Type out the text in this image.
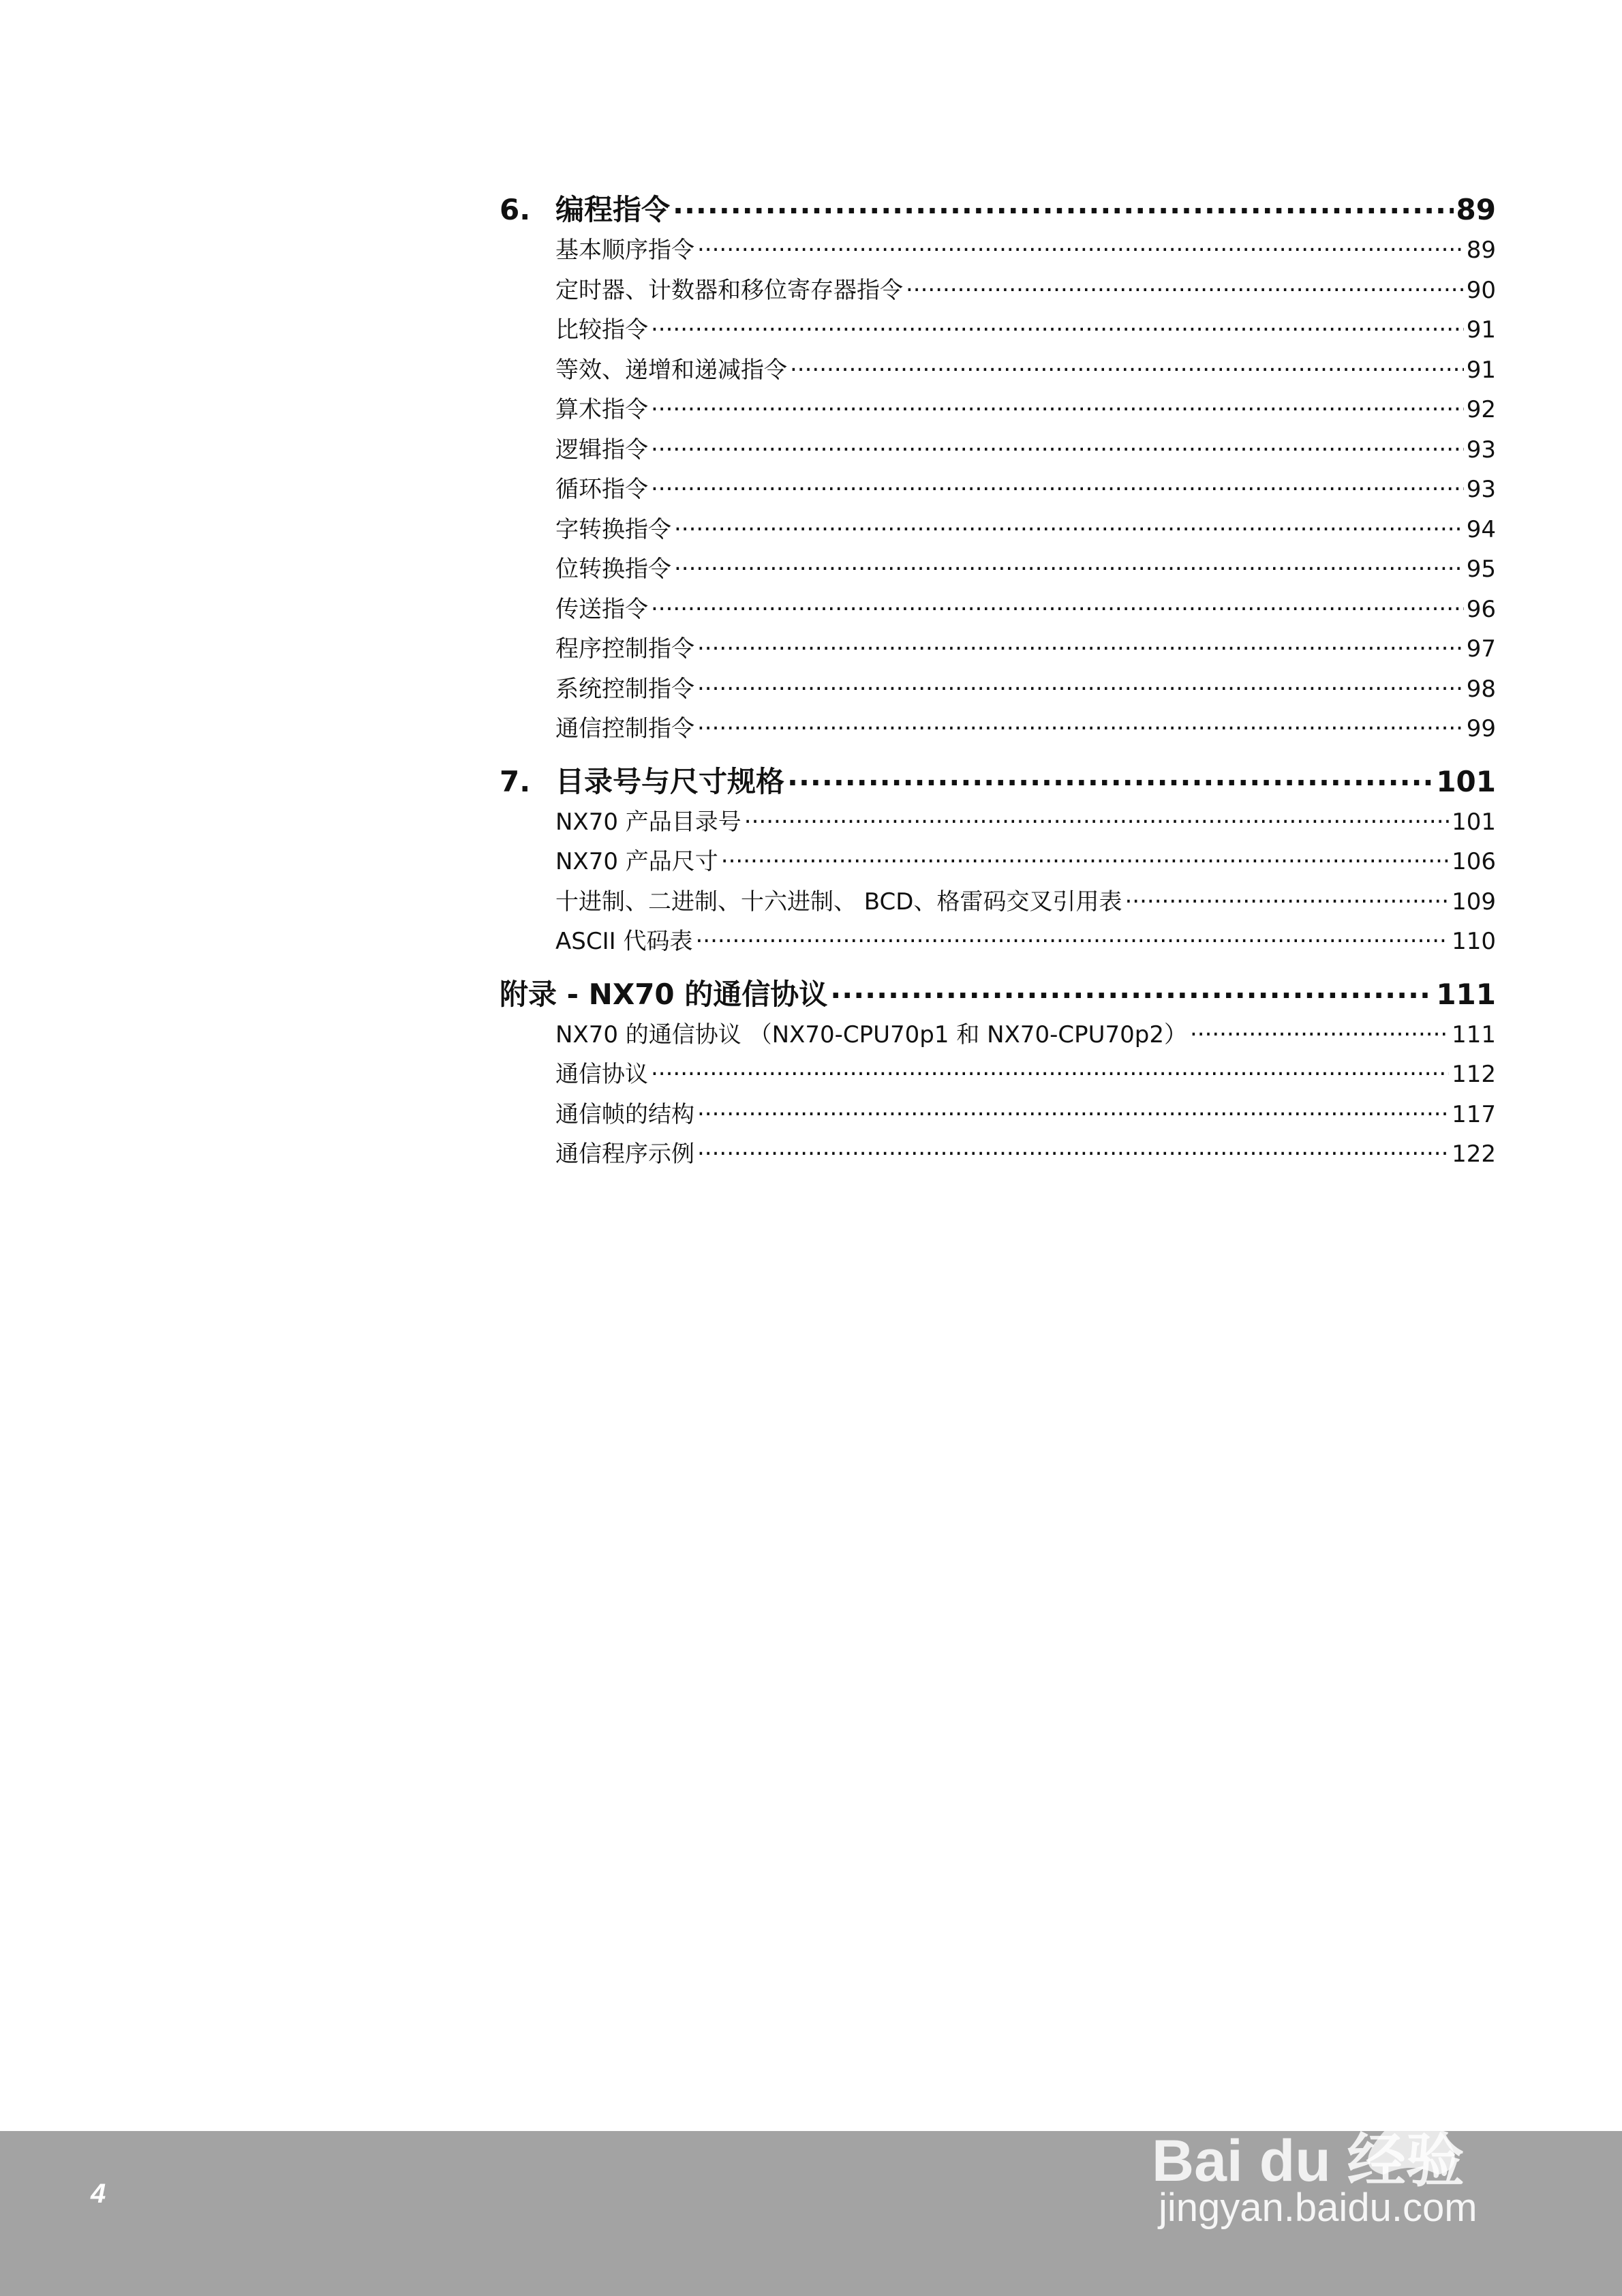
6. 编程指令 .....	89
基本顺序指令 .....	89
定时器、计数器和移位寄存器指令 .....	90
比较指令 .....	91
等效、递增和递减指令 .....	91
算术指令 .....	92
逻辑指令 .....	93
循环指令 .....	93
字转换指令 .....	94
位转换指令 .....	95
传送指令 .....	96
程序控制指令 .....	97
系统控制指令 .....	98
通信控制指令 .....	99
7. 目录号与尺寸规格 .....	101
NX70 产品目录号 .....	101
NX70 产品尺寸 .....	106
十进制、二进制、十六进制、 BCD、格雷码交叉引用表 .....	109
ASCII 代码表 .....	110
附录 - NX70 的通信协议 .....	111
NX70 的通信协议 （NX70-CPU70p1 和 NX70-CPU70p2） .....	111
通信协议 .....	112
通信帧的结构 .....	117
通信程序示例 .....	122
4	Bai du 经验
jingyan.baidu.com
